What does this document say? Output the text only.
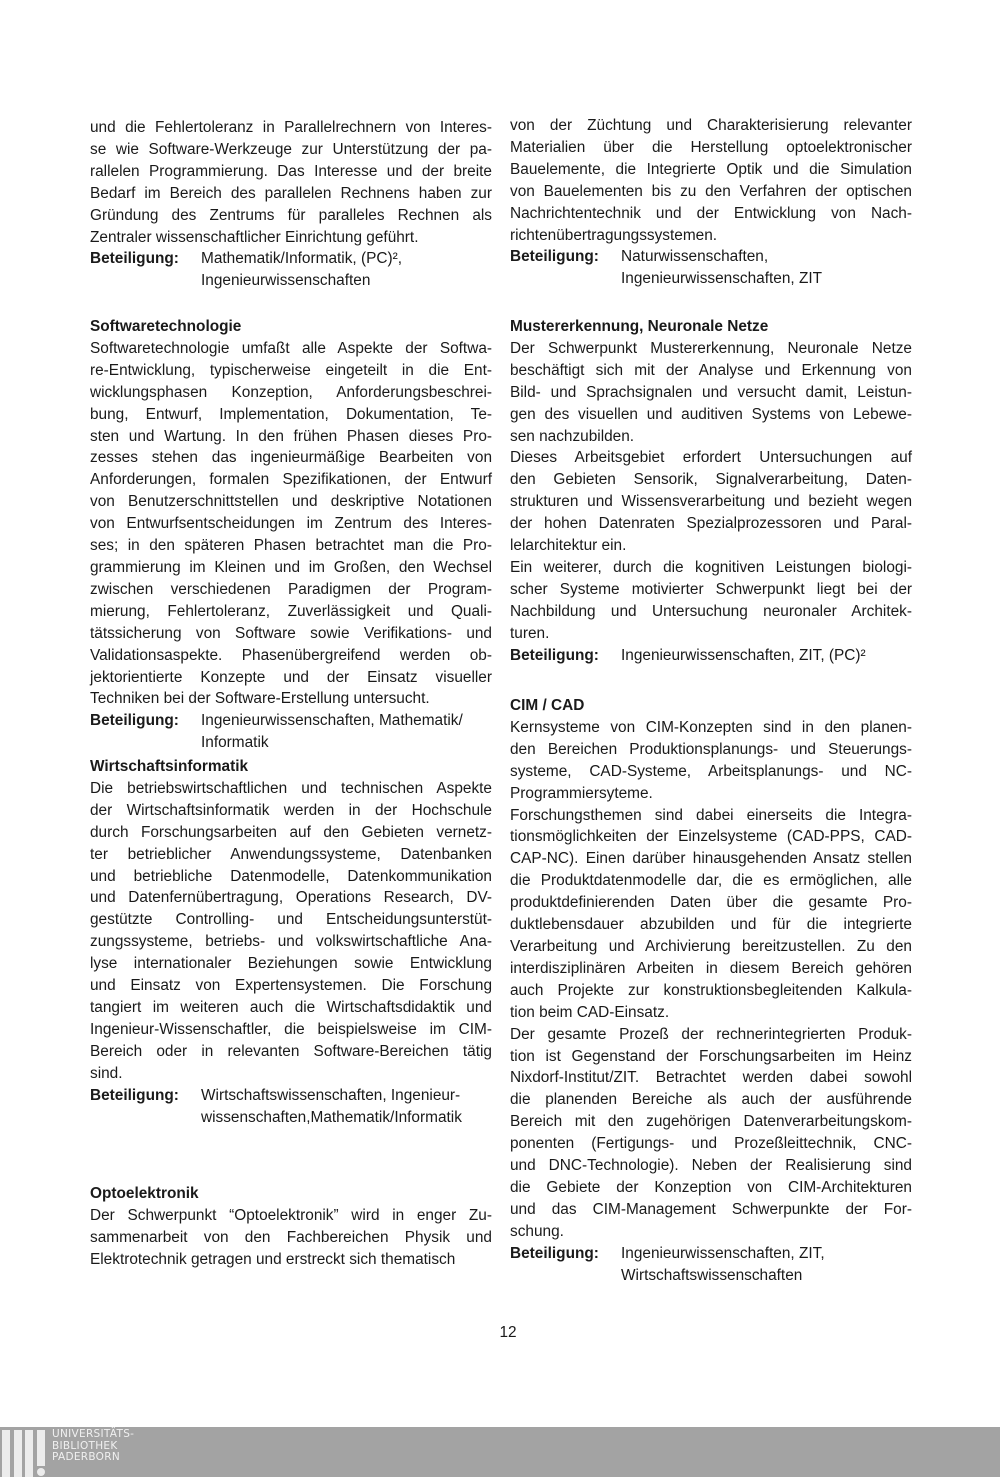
und die Fehlertoleranz in Parallelrechnern von Interes-
se wie Software-Werkzeuge zur Unterstützung der pa-
rallelen Programmierung. Das Interesse und der breite
Bedarf im Bereich des parallelen Rechnens haben zur
Gründung des Zentrums für paralleles Rechnen als
Zentraler wissenschaftlicher Einrichtung geführt.
Beteiligung:	Mathematik/Informatik, (PC)²,
Ingenieurwissenschaften
Softwaretechnologie
Softwaretechnologie umfaßt alle Aspekte der Softwa-
re-Entwicklung, typischerweise eingeteilt in die Ent-
wicklungsphasen Konzeption, Anforderungsbeschrei-
bung, Entwurf, Implementation, Dokumentation, Te-
sten und Wartung. In den frühen Phasen dieses Pro-
zesses stehen das ingenieurmäßige Bearbeiten von
Anforderungen, formalen Spezifikationen, der Entwurf
von Benutzerschnittstellen und deskriptive Notationen
von Entwurfsentscheidungen im Zentrum des Interes-
ses; in den späteren Phasen betrachtet man die Pro-
grammierung im Kleinen und im Großen, den Wechsel
zwischen verschiedenen Paradigmen der Program-
mierung, Fehlertoleranz, Zuverlässigkeit und Quali-
tätssicherung von Software sowie Verifikations- und
Validationsaspekte. Phasenübergreifend werden ob-
jektorientierte Konzepte und der Einsatz visueller
Techniken bei der Software-Erstellung untersucht.
Beteiligung:	Ingenieurwissenschaften, Mathematik/
Informatik
Wirtschaftsinformatik
Die betriebswirtschaftlichen und technischen Aspekte
der Wirtschaftsinformatik werden in der Hochschule
durch Forschungsarbeiten auf den Gebieten vernetz-
ter betrieblicher Anwendungssysteme, Datenbanken
und betriebliche Datenmodelle, Datenkommunikation
und Datenfernübertragung, Operations Research, DV-
gestützte Controlling- und Entscheidungsunterstüt-
zungssysteme, betriebs- und volkswirtschaftliche Ana-
lyse internationaler Beziehungen sowie Entwicklung
und Einsatz von Expertensystemen. Die Forschung
tangiert im weiteren auch die Wirtschaftsdidaktik und
Ingenieur-Wissenschaftler, die beispielsweise im CIM-
Bereich oder in relevanten Software-Bereichen tätig
sind.
Beteiligung:	Wirtschaftswissenschaften, Ingenieur-
wissenschaften,Mathematik/Informatik
Optoelektronik
Der Schwerpunkt “Optoelektronik” wird in enger Zu-
sammenarbeit von den Fachbereichen Physik und
Elektrotechnik getragen und erstreckt sich thematisch
von der Züchtung und Charakterisierung relevanter
Materialien über die Herstellung optoelektronischer
Bauelemente, die Integrierte Optik und die Simulation
von Bauelementen bis zu den Verfahren der optischen
Nachrichtentechnik und der Entwicklung von Nach-
richtenübertragungssystemen.
Beteiligung:	Naturwissenschaften,
Ingenieurwissenschaften, ZIT
Mustererkennung, Neuronale Netze
Der Schwerpunkt Mustererkennung, Neuronale Netze
beschäftigt sich mit der Analyse und Erkennung von
Bild- und Sprachsignalen und versucht damit, Leistun-
gen des visuellen und auditiven Systems von Lebewe-
sen nachzubilden.
Dieses Arbeitsgebiet erfordert Untersuchungen auf
den Gebieten Sensorik, Signalverarbeitung, Daten-
strukturen und Wissensverarbeitung und bezieht wegen
der hohen Datenraten Spezialprozessoren und Paral-
lelarchitektur ein.
Ein weiterer, durch die kognitiven Leistungen biologi-
scher Systeme motivierter Schwerpunkt liegt bei der
Nachbildung und Untersuchung neuronaler Architek-
turen.
Beteiligung:	Ingenieurwissenschaften, ZIT, (PC)²
CIM / CAD
Kernsysteme von CIM-Konzepten sind in den planen-
den Bereichen Produktionsplanungs- und Steuerungs-
systeme, CAD-Systeme, Arbeitsplanungs- und NC-
Programmiersyteme.
Forschungsthemen sind dabei einerseits die Integra-
tionsmöglichkeiten der Einzelsysteme (CAD-PPS, CAD-
CAP-NC). Einen darüber hinausgehenden Ansatz stellen
die Produktdatenmodelle dar, die es ermöglichen, alle
produktdefinierenden Daten über die gesamte Pro-
duktlebensdauer abzubilden und für die integrierte
Verarbeitung und Archivierung bereitzustellen. Zu den
interdisziplinären Arbeiten in diesem Bereich gehören
auch Projekte zur konstruktionsbegleitenden Kalkula-
tion beim CAD-Einsatz.
Der gesamte Prozeß der rechnerintegrierten Produk-
tion ist Gegenstand der Forschungsarbeiten im Heinz
Nixdorf-Institut/ZIT. Betrachtet werden dabei sowohl
die planenden Bereiche als auch der ausführende
Bereich mit den zugehörigen Datenverarbeitungskom-
ponenten (Fertigungs- und Prozeßleittechnik, CNC-
und DNC-Technologie). Neben der Realisierung sind
die Gebiete der Konzeption von CIM-Architekturen
und das CIM-Management Schwerpunkte der For-
schung.
Beteiligung:	Ingenieurwissenschaften, ZIT,
Wirtschaftswissenschaften
12
UNIVERSITÄTS-
BIBLIOTHEK
PADERBORN
